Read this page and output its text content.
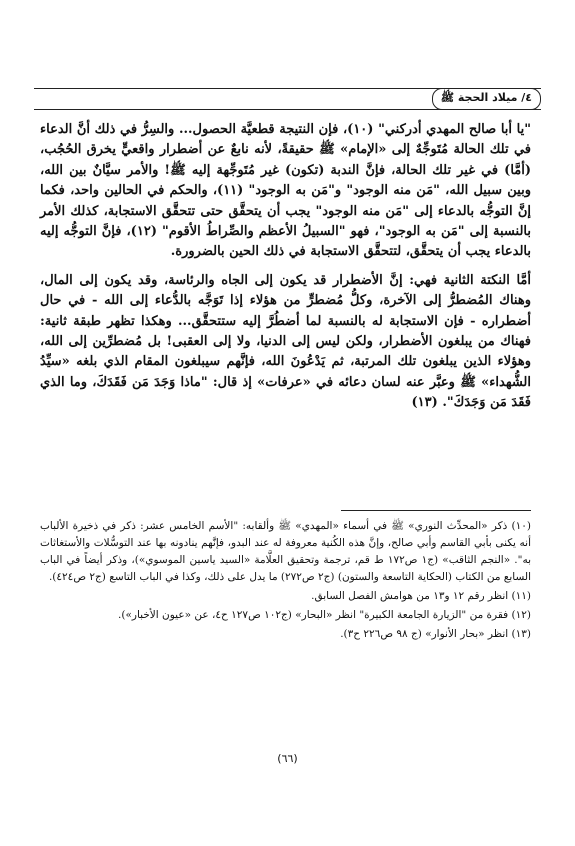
٤/ ميلاد الحجة ﷺ

"يا أبا صالح المهدي أدركني" (١٠)، فإن النتيجة قطعيَّة الحصول... والسِرُّ في ذلك أنَّ الدعاء في تلك الحالة مُتَوجِّهٌ إلى «الإمام» ﷺ حقيقةً، لأنه نابعٌ عن أضطرار واقعيٍّ يخرق الحُجُب، (أمَّا) في غير تلك الحالة، فإنَّ الندبة (تكون) غير مُتَوجِّهة إليه ﷺ! والأمر سيَّانٌ بين الله، وبين سبيل الله، "مَن منه الوجود" و"مَن به الوجود" (١١)، والحكم في الحالين واحد، فكما إنَّ التوجُّه بالدعاء إلى "مَن منه الوجود" يجب أن يتحقَّق حتى تتحقَّق الاستجابة، كذلك الأمر بالنسبة إلى "مَن به الوجود"، فهو "السبيلُ الأعظم والصِّراطُ الأقوم" (١٢)، فإنَّ التوجُّه إليه بالدعاء يجب أن يتحقَّق، لتتحقَّق الاستجابة في ذلك الحين بالضرورة.

أمَّا النكتة الثانية فهي: إنَّ الأضطرار قد يكون إلى الجاه والرئاسة، وقد يكون إلى المال، وهناك المُضطرُّ إلى الآخرة، وكلُّ مُضطرٍّ من هؤلاء إذا تَوَجَّه بالدُّعاء إلى الله - في حال أضطراره - فإن الاستجابة له بالنسبة لما أضطُرَّ إليه ستتحقَّق... وهكذا تظهر طبقة ثانية: فهناك من يبلغون الأضطرار، ولكن ليس إلى الدنيا، ولا إلى العقبى! بل مُضطرِّين إلى الله، وهؤلاء الذين يبلغون تلك المرتبة، ثم يَدْعُونَ الله، فإنَّهم سيبلغون المقام الذي بلغه «سيِّدُ الشُّهداء» ﷺ وعبَّر عنه لسان دعائه في «عرفات» إذ قال: "ماذا وَجَدَ مَن فَقَدَكَ، وما الذي فَقَدَ مَن وَجَدَكَ". (١٣)

(١٠) ذكر «المحدِّث النوري» ﷺ في أسماء «المهدي» ﷺ وألقابه: "الأسم الخامس عشر: ذكر في ذخيرة الألباب أنه يكنى بأبي القاسم وأبي صالح، وإنَّ هذه الكُنية معروفة له عند البدو، فإنَّهم ينادونه بها عند التوسُّلات والأستغاثات به". «النجم الثاقب» (ج١ ص١٧٢ ط قم، ترجمة وتحقيق العلَّامة «السيد ياسين الموسوي»)، وذكر أيضاً في الباب السابع من الكتاب (الحكاية التاسعة والستون) (ج٢ ص٢٧٢) ما يدل على ذلك، وكذا في الباب التاسع (ج٢ ص٤٢٤).

(١١) انظر رقم ١٢ و١٣ من هوامش الفصل السابق.

(١٢) فقرة من "الزيارة الجامعة الكبيرة" انظر «البحار» (ج١٠٢ ص١٢٧ ح٤، عن «عيون الأخبار»).

(١٣) انظر «بحار الأنوار» (ج ٩٨ ص٢٢٦ ح٣).

(٦٦)
